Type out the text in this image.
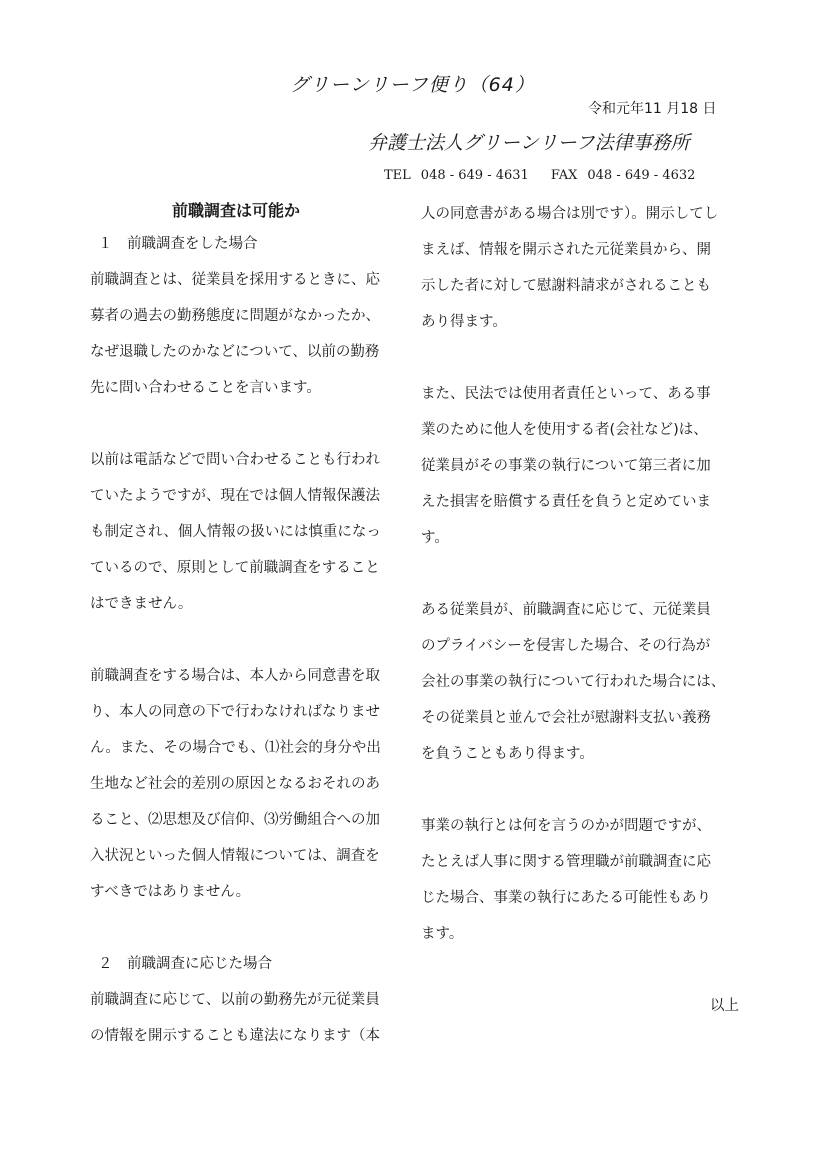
グリーンリーフ便り（64）
令和元年11 月18 日
弁護士法人グリーンリーフ法律事務所
TEL 048 - 649 - 4631 FAX 048 - 649 - 4632
前職調査は可能か
１　前職調査をした場合
前職調査とは、従業員を採用するときに、応
募者の過去の勤務態度に問題がなかったか、
なぜ退職したのかなどについて、以前の勤務
先に問い合わせることを言います。
以前は電話などで問い合わせることも行われ
ていたようですが、現在では個人情報保護法
も制定され、個人情報の扱いには慎重になっ
ているので、原則として前職調査をすること
はできません。
前職調査をする場合は、本人から同意書を取
り、本人の同意の下で行わなければなりませ
ん。また、その場合でも、⑴社会的身分や出
生地など社会的差別の原因となるおそれのあ
ること、⑵思想及び信仰、⑶労働組合への加
入状況といった個人情報については、調査を
すべきではありません。
２　前職調査に応じた場合
前職調査に応じて、以前の勤務先が元従業員
の情報を開示することも違法になります（本
人の同意書がある場合は別です）。開示してし
まえば、情報を開示された元従業員から、開
示した者に対して慰謝料請求がされることも
あり得ます。
また、民法では使用者責任といって、ある事
業のために他人を使用する者(会社など)は、
従業員がその事業の執行について第三者に加
えた損害を賠償する責任を負うと定めていま
す。
ある従業員が、前職調査に応じて、元従業員
のプライバシーを侵害した場合、その行為が
会社の事業の執行について行われた場合には、
その従業員と並んで会社が慰謝料支払い義務
を負うこともあり得ます。
事業の執行とは何を言うのかが問題ですが、
たとえば人事に関する管理職が前職調査に応
じた場合、事業の執行にあたる可能性もあり
ます。
以上
